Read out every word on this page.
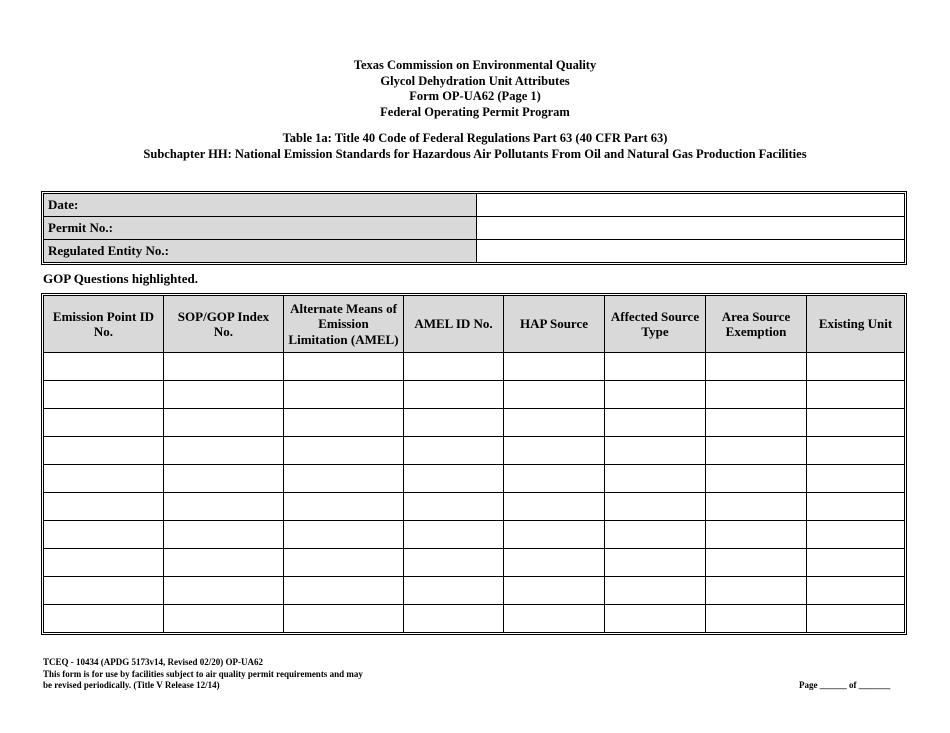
Texas Commission on Environmental Quality
Glycol Dehydration Unit Attributes
Form OP-UA62 (Page 1)
Federal Operating Permit Program
Table 1a: Title 40 Code of Federal Regulations Part 63 (40 CFR Part 63)
Subchapter HH: National Emission Standards for Hazardous Air Pollutants From Oil and Natural Gas Production Facilities
Date:	
Permit No.:	
Regulated Entity No.:	
GOP Questions highlighted.
Emission Point ID No.	SOP/GOP Index No.	Alternate Means of Emission Limitation (AMEL)	AMEL ID No.	HAP Source	Affected Source Type	Area Source Exemption	Existing Unit

TCEQ - 10434 (APDG 5173v14, Revised 02/20) OP-UA62
This form is for use by facilities subject to air quality permit requirements and may
be revised periodically. (Title V Release 12/14)	Page ______ of _______
